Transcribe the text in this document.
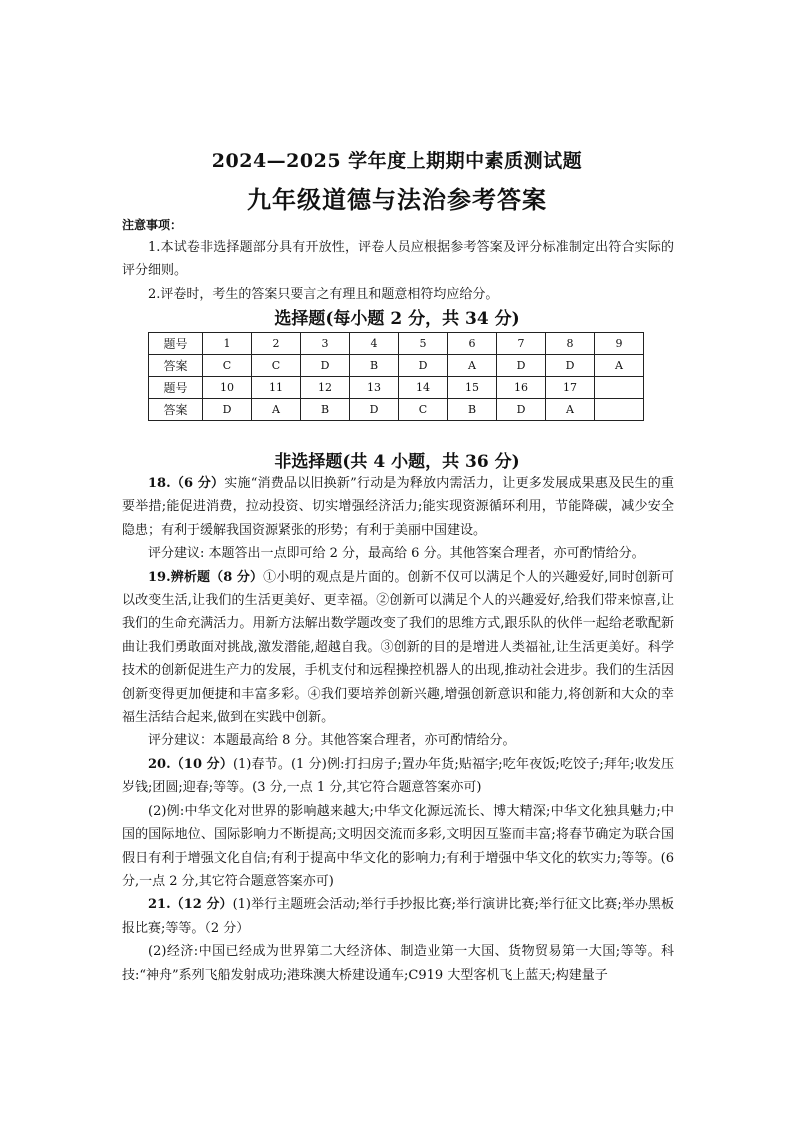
2024—2025 学年度上期期中素质测试题
九年级道德与法治参考答案
注意事项：

1.本试卷非选择题部分具有开放性，评卷人员应根据参考答案及评分标准制定出符合实际的评分细则。

2.评卷时，考生的答案只要言之有理且和题意相符均应给分。

选择题(每小题 2 分，共 34 分)
题号	1	2	3	4	5	6	7	8	9
答案	C	C	D	B	D	A	D	D	A
题号	10	11	12	13	14	15	16	17	
答案	D	A	B	D	C	B	D	A	
非选择题(共 4 小题，共 36 分)

18.（6 分）实施“消费品以旧换新”行动是为释放内需活力，让更多发展成果惠及民生的重要举措;能促进消费，拉动投资、切实增强经济活力;能实现资源循环利用，节能降碳，减少安全隐患；有利于缓解我国资源紧张的形势；有利于美丽中国建设。

评分建议: 本题答出一点即可给 2 分，最高给 6 分。其他答案合理者，亦可酌情给分。

19.辨析题（8 分）①小明的观点是片面的。创新不仅可以满足个人的兴趣爱好,同时创新可以改变生活,让我们的生活更美好、更幸福。②创新可以满足个人的兴趣爱好,给我们带来惊喜,让我们的生命充满活力。用新方法解出数学题改变了我们的思维方式,跟乐队的伙伴一起给老歌配新曲让我们勇敢面对挑战,激发潜能,超越自我。③创新的目的是增进人类福祉,让生活更美好。科学技术的创新促进生产力的发展，手机支付和远程操控机器人的出现,推动社会进步。我们的生活因创新变得更加便捷和丰富多彩。④我们要培养创新兴趣,增强创新意识和能力,将创新和大众的幸福生活结合起来,做到在实践中创新。

评分建议：本题最高给 8 分。其他答案合理者，亦可酌情给分。

20.（10 分）(1)春节。(1 分)例:打扫房子;置办年货;贴福字;吃年夜饭;吃饺子;拜年;收发压岁钱;团圆;迎春;等等。(3 分,一点 1 分,其它符合题意答案亦可)

(2)例:中华文化对世界的影响越来越大;中华文化源远流长、博大精深;中华文化独具魅力;中国的国际地位、国际影响力不断提高;文明因交流而多彩,文明因互鉴而丰富;将春节确定为联合国假日有利于增强文化自信;有利于提高中华文化的影响力;有利于增强中华文化的软实力;等等。(6 分,一点 2 分,其它符合题意答案亦可)

21.（12 分）(1)举行主题班会活动;举行手抄报比赛;举行演讲比赛;举行征文比赛;举办黑板报比赛;等等。（2 分）

(2)经济:中国已经成为世界第二大经济体、制造业第一大国、货物贸易第一大国;等等。科技:“神舟”系列飞船发射成功;港珠澳大桥建设通车;C919 大型客机飞上蓝天;构建量子
